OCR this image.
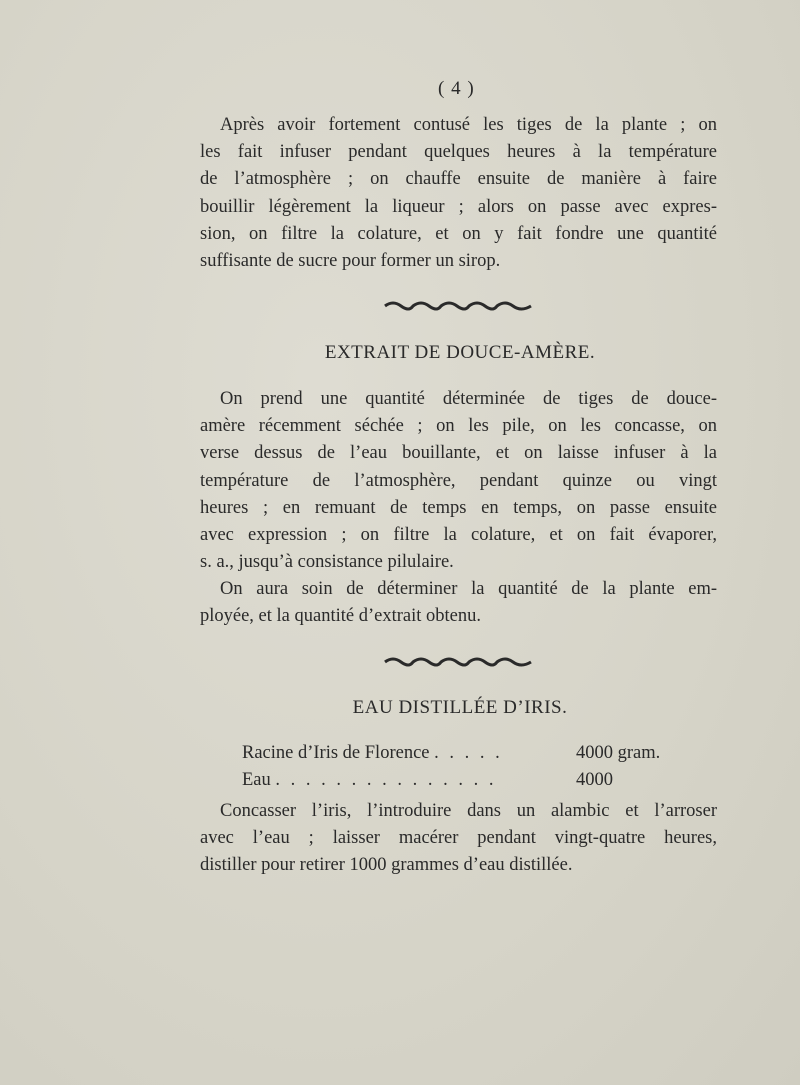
( 4 )
Après avoir fortement contusé les tiges de la plante ; on
les fait infuser pendant quelques heures à la température
de l’atmosphère ; on chauffe ensuite de manière à faire
bouillir légèrement la liqueur ; alors on passe avec expres-
sion, on filtre la colature, et on y fait fondre une quantité
suffisante de sucre pour former un sirop.
EXTRAIT DE DOUCE-AMÈRE.
On prend une quantité déterminée de tiges de douce-
amère récemment séchée ; on les pile, on les concasse, on
verse dessus de l’eau bouillante, et on laisse infuser à la
température de l’atmosphère, pendant quinze ou vingt
heures ; en remuant de temps en temps, on passe ensuite
avec expression ; on filtre la colature, et on fait évaporer,
s. a., jusqu’à consistance pilulaire.
On aura soin de déterminer la quantité de la plante em-
ployée, et la quantité d’extrait obtenu.
EAU DISTILLÉE D’IRIS.
Racine d’Iris de Florence . . . . .	4000 gram.
Eau . . . . . . . . . . . . . . .	4000
Concasser l’iris, l’introduire dans un alambic et l’arroser
avec l’eau ; laisser macérer pendant vingt-quatre heures,
distiller pour retirer 1000 grammes d’eau distillée.
